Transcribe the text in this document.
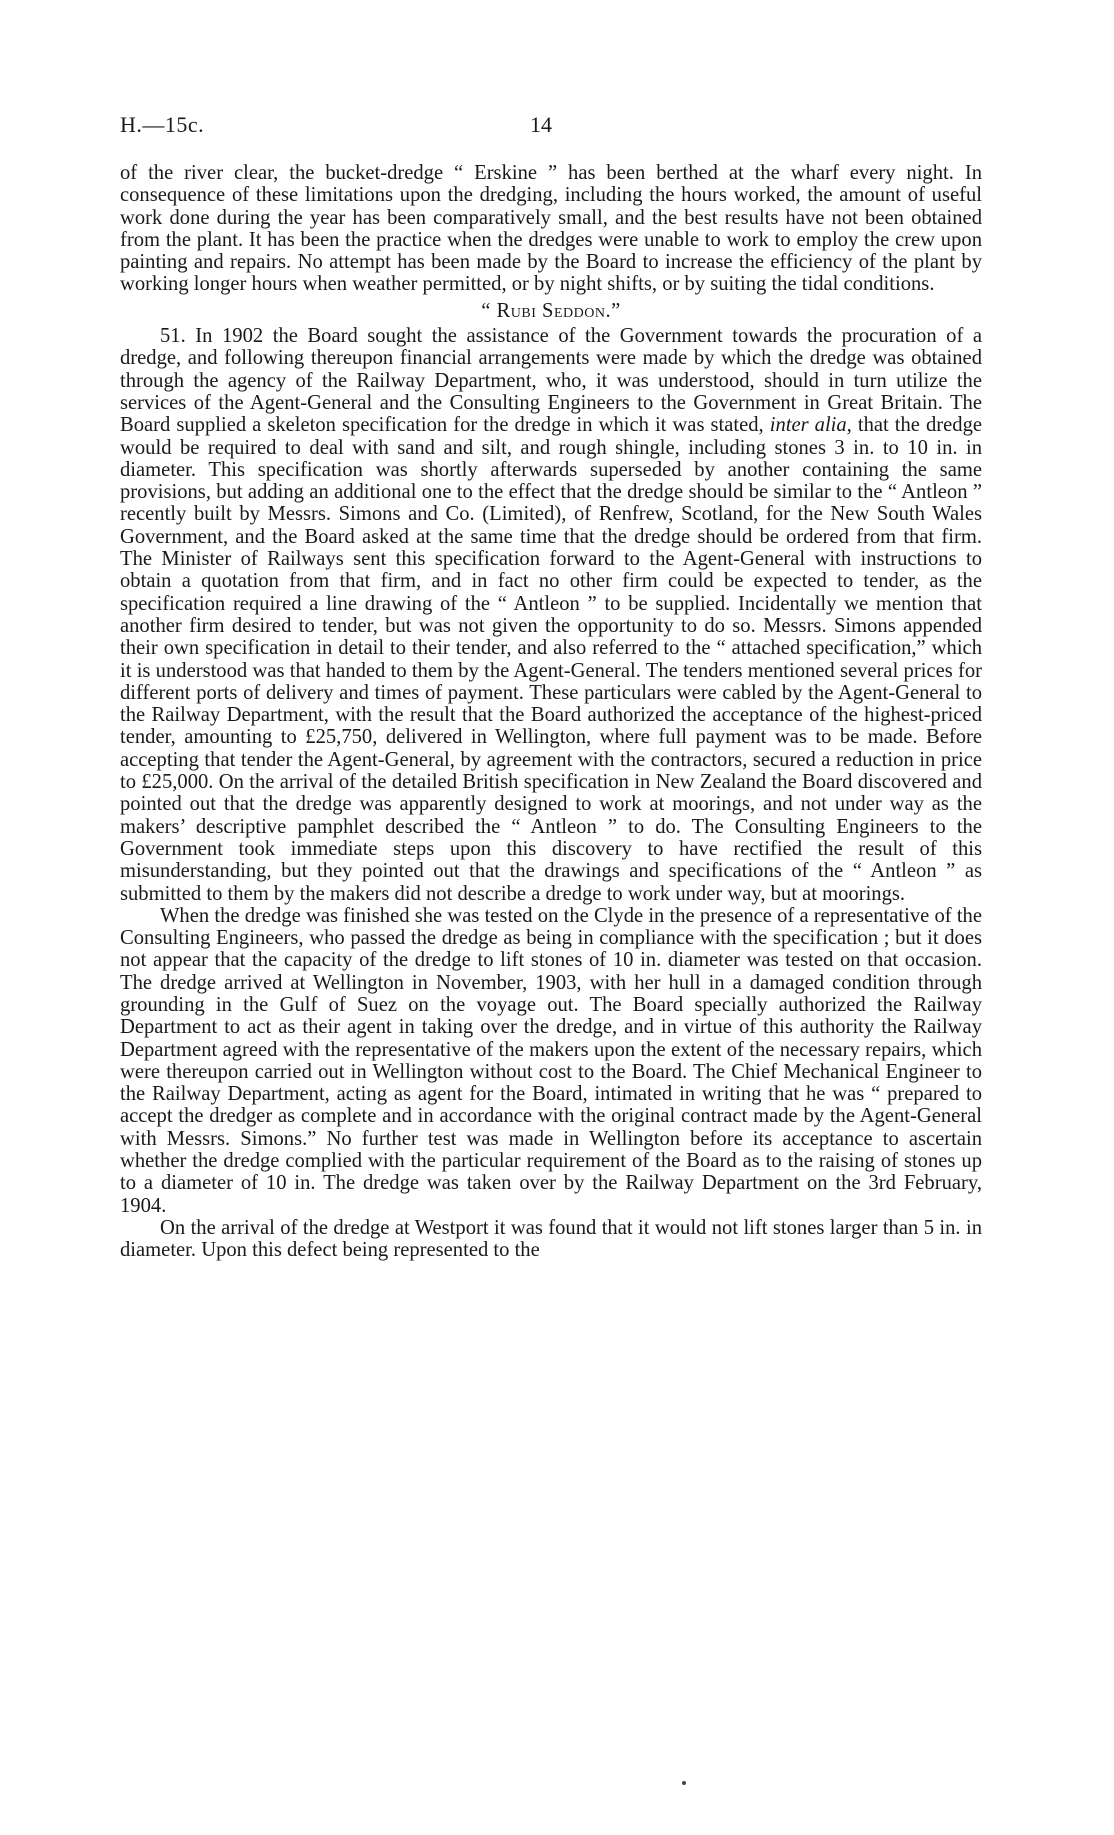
H.—15c.	14

of the river clear, the bucket-dredge “ Erskine ” has been berthed at the wharf every night. In consequence of these limitations upon the dredging, including the hours worked, the amount of useful work done during the year has been comparatively small, and the best results have not been obtained from the plant. It has been the practice when the dredges were unable to work to employ the crew upon painting and repairs. No attempt has been made by the Board to increase the efficiency of the plant by working longer hours when weather permitted, or by night shifts, or by suiting the tidal conditions.

“ Rubi Seddon.”

51. In 1902 the Board sought the assistance of the Government towards the procuration of a dredge, and following thereupon financial arrangements were made by which the dredge was obtained through the agency of the Railway Department, who, it was understood, should in turn utilize the services of the Agent-General and the Consulting Engineers to the Government in Great Britain. The Board supplied a skeleton specification for the dredge in which it was stated, inter alia, that the dredge would be required to deal with sand and silt, and rough shingle, including stones 3 in. to 10 in. in diameter. This specification was shortly afterwards superseded by another containing the same provisions, but adding an additional one to the effect that the dredge should be similar to the “ Antleon ” recently built by Messrs. Simons and Co. (Limited), of Renfrew, Scotland, for the New South Wales Government, and the Board asked at the same time that the dredge should be ordered from that firm. The Minister of Railways sent this specification forward to the Agent-General with instructions to obtain a quotation from that firm, and in fact no other firm could be expected to tender, as the specification required a line drawing of the “ Antleon ” to be supplied. Incidentally we mention that another firm desired to tender, but was not given the opportunity to do so. Messrs. Simons appended their own specification in detail to their tender, and also referred to the “ attached specification,” which it is understood was that handed to them by the Agent-General. The tenders mentioned several prices for different ports of delivery and times of payment. These particulars were cabled by the Agent-General to the Railway Department, with the result that the Board authorized the acceptance of the highest-priced tender, amounting to £25,750, delivered in Wellington, where full payment was to be made. Before accepting that tender the Agent-General, by agreement with the contractors, secured a reduction in price to £25,000. On the arrival of the detailed British specification in New Zealand the Board discovered and pointed out that the dredge was apparently designed to work at moorings, and not under way as the makers’ descriptive pamphlet described the “ Antleon ” to do. The Consulting Engineers to the Government took immediate steps upon this discovery to have rectified the result of this misunderstanding, but they pointed out that the drawings and specifications of the “ Antleon ” as submitted to them by the makers did not describe a dredge to work under way, but at moorings.

When the dredge was finished she was tested on the Clyde in the presence of a representative of the Consulting Engineers, who passed the dredge as being in compliance with the specification ; but it does not appear that the capacity of the dredge to lift stones of 10 in. diameter was tested on that occasion. The dredge arrived at Wellington in November, 1903, with her hull in a damaged condition through grounding in the Gulf of Suez on the voyage out. The Board specially authorized the Railway Department to act as their agent in taking over the dredge, and in virtue of this authority the Railway Department agreed with the representative of the makers upon the extent of the necessary repairs, which were thereupon carried out in Wellington without cost to the Board. The Chief Mechanical Engineer to the Railway Department, acting as agent for the Board, intimated in writing that he was “ prepared to accept the dredger as complete and in accordance with the original contract made by the Agent-General with Messrs. Simons.” No further test was made in Wellington before its acceptance to ascertain whether the dredge complied with the particular requirement of the Board as to the raising of stones up to a diameter of 10 in. The dredge was taken over by the Railway Department on the 3rd February, 1904.

On the arrival of the dredge at Westport it was found that it would not lift stones larger than 5 in. in diameter. Upon this defect being represented to the
